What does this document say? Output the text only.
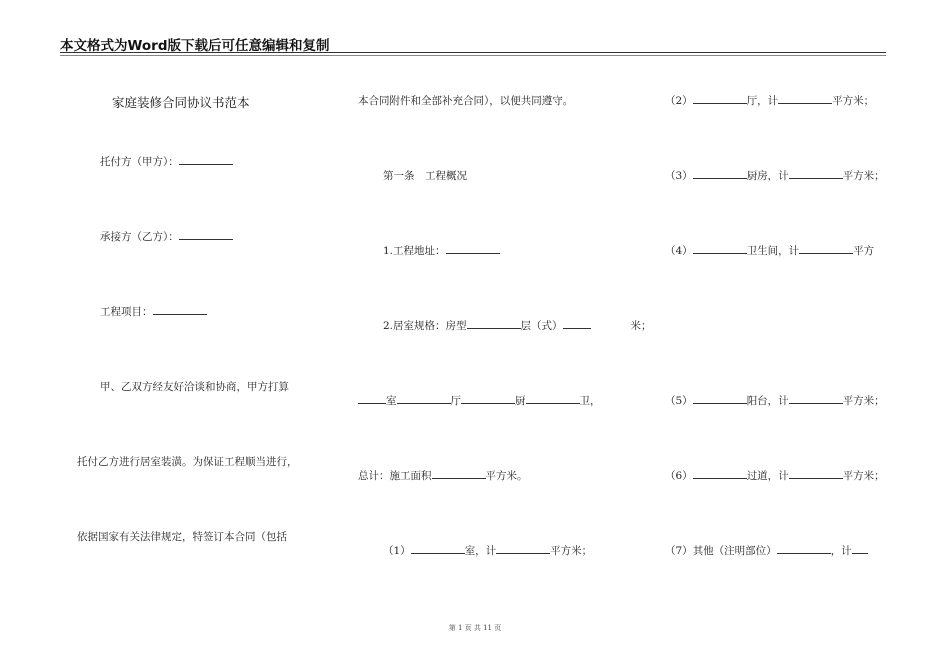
本文格式为Word版下载后可任意编辑和复制
家庭装修合同协议书范本
托付方（甲方）：
承接方（乙方）：
工程项目：
甲、乙双方经友好洽谈和协商，甲方打算
托付乙方进行居室装潢。为保证工程顺当进行，
依据国家有关法律规定，特签订本合同（包括
本合同附件和全部补充合同），以便共同遵守。
第一条　工程概况
1.工程地址：
2.居室规格：房型	层（式）	米；
室	厅	厨	卫，
总计：施工面积	平方米。
（1）	室，计	平方米；
（2）	厅，计	平方米；
（3）	厨房，计	平方米；
（4）	卫生间，计	平方
（5）	阳台，计	平方米；
（6）	过道，计	平方米；
（7）其他（注明部位）	，计
第 1 页 共 11 页
